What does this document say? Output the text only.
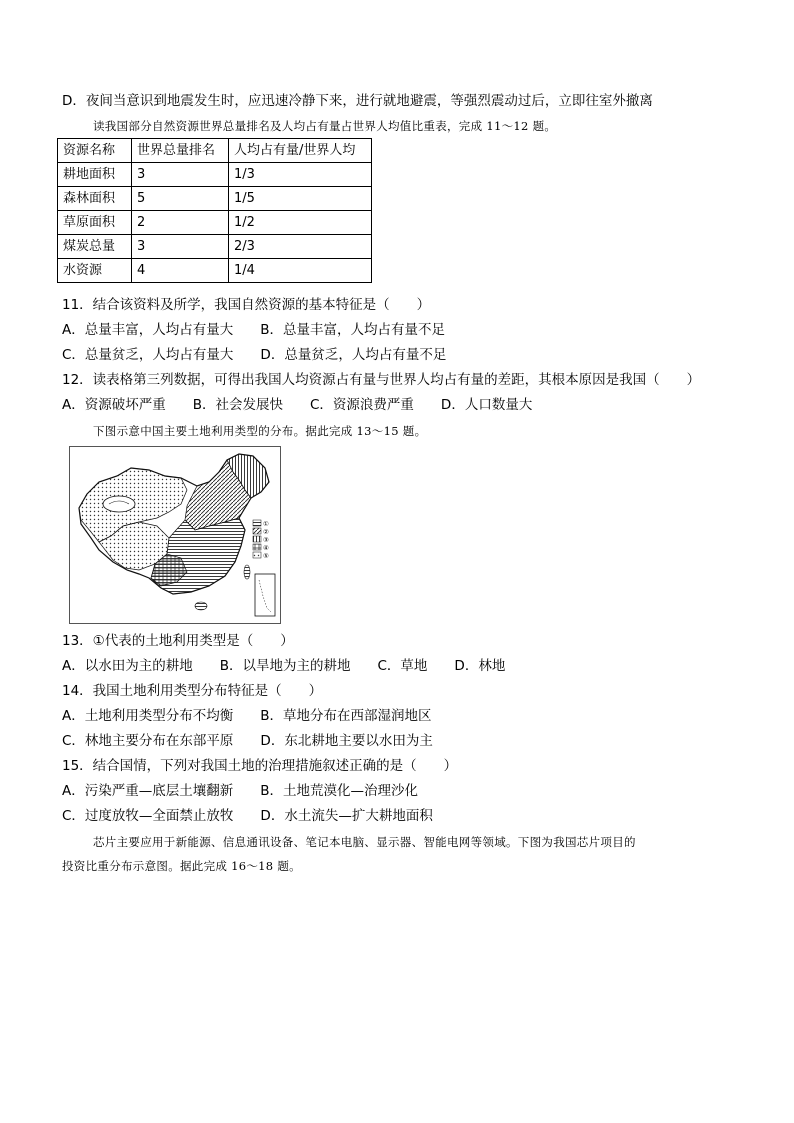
D．夜间当意识到地震发生时，应迅速冷静下来，进行就地避震，等强烈震动过后，立即往室外撤离
读我国部分自然资源世界总量排名及人均占有量占世界人均值比重表，完成 11～12 题。
资源名称	世界总量排名	人均占有量/世界人均
耕地面积	3	1/3
森林面积	5	1/5
草原面积	2	1/2
煤炭总量	3	2/3
水资源	4	1/4
11．结合该资料及所学，我国自然资源的基本特征是（　　）
A．总量丰富，人均占有量大　　B．总量丰富，人均占有量不足
C．总量贫乏，人均占有量大　　D．总量贫乏，人均占有量不足
12．读表格第三列数据，可得出我国人均资源占有量与世界人均占有量的差距，其根本原因是我国（　　）
A．资源破坏严重　　B．社会发展快　　C．资源浪费严重　　D．人口数量大
下图示意中国主要土地利用类型的分布。据此完成 13～15 题。
①
②
③
④
⑤
13．①代表的土地利用类型是（　　）
A．以水田为主的耕地　　B．以旱地为主的耕地　　C．草地　　D．林地
14．我国土地利用类型分布特征是（　　）
A．土地利用类型分布不均衡　　B．草地分布在西部湿润地区
C．林地主要分布在东部平原　　D．东北耕地主要以水田为主
15．结合国情，下列对我国土地的治理措施叙述正确的是（　　）
A．污染严重—底层土壤翻新　　B．土地荒漠化—治理沙化
C．过度放牧—全面禁止放牧　　D．水土流失—扩大耕地面积
芯片主要应用于新能源、信息通讯设备、笔记本电脑、显示器、智能电网等领域。下图为我国芯片项目的
投资比重分布示意图。据此完成 16～18 题。
